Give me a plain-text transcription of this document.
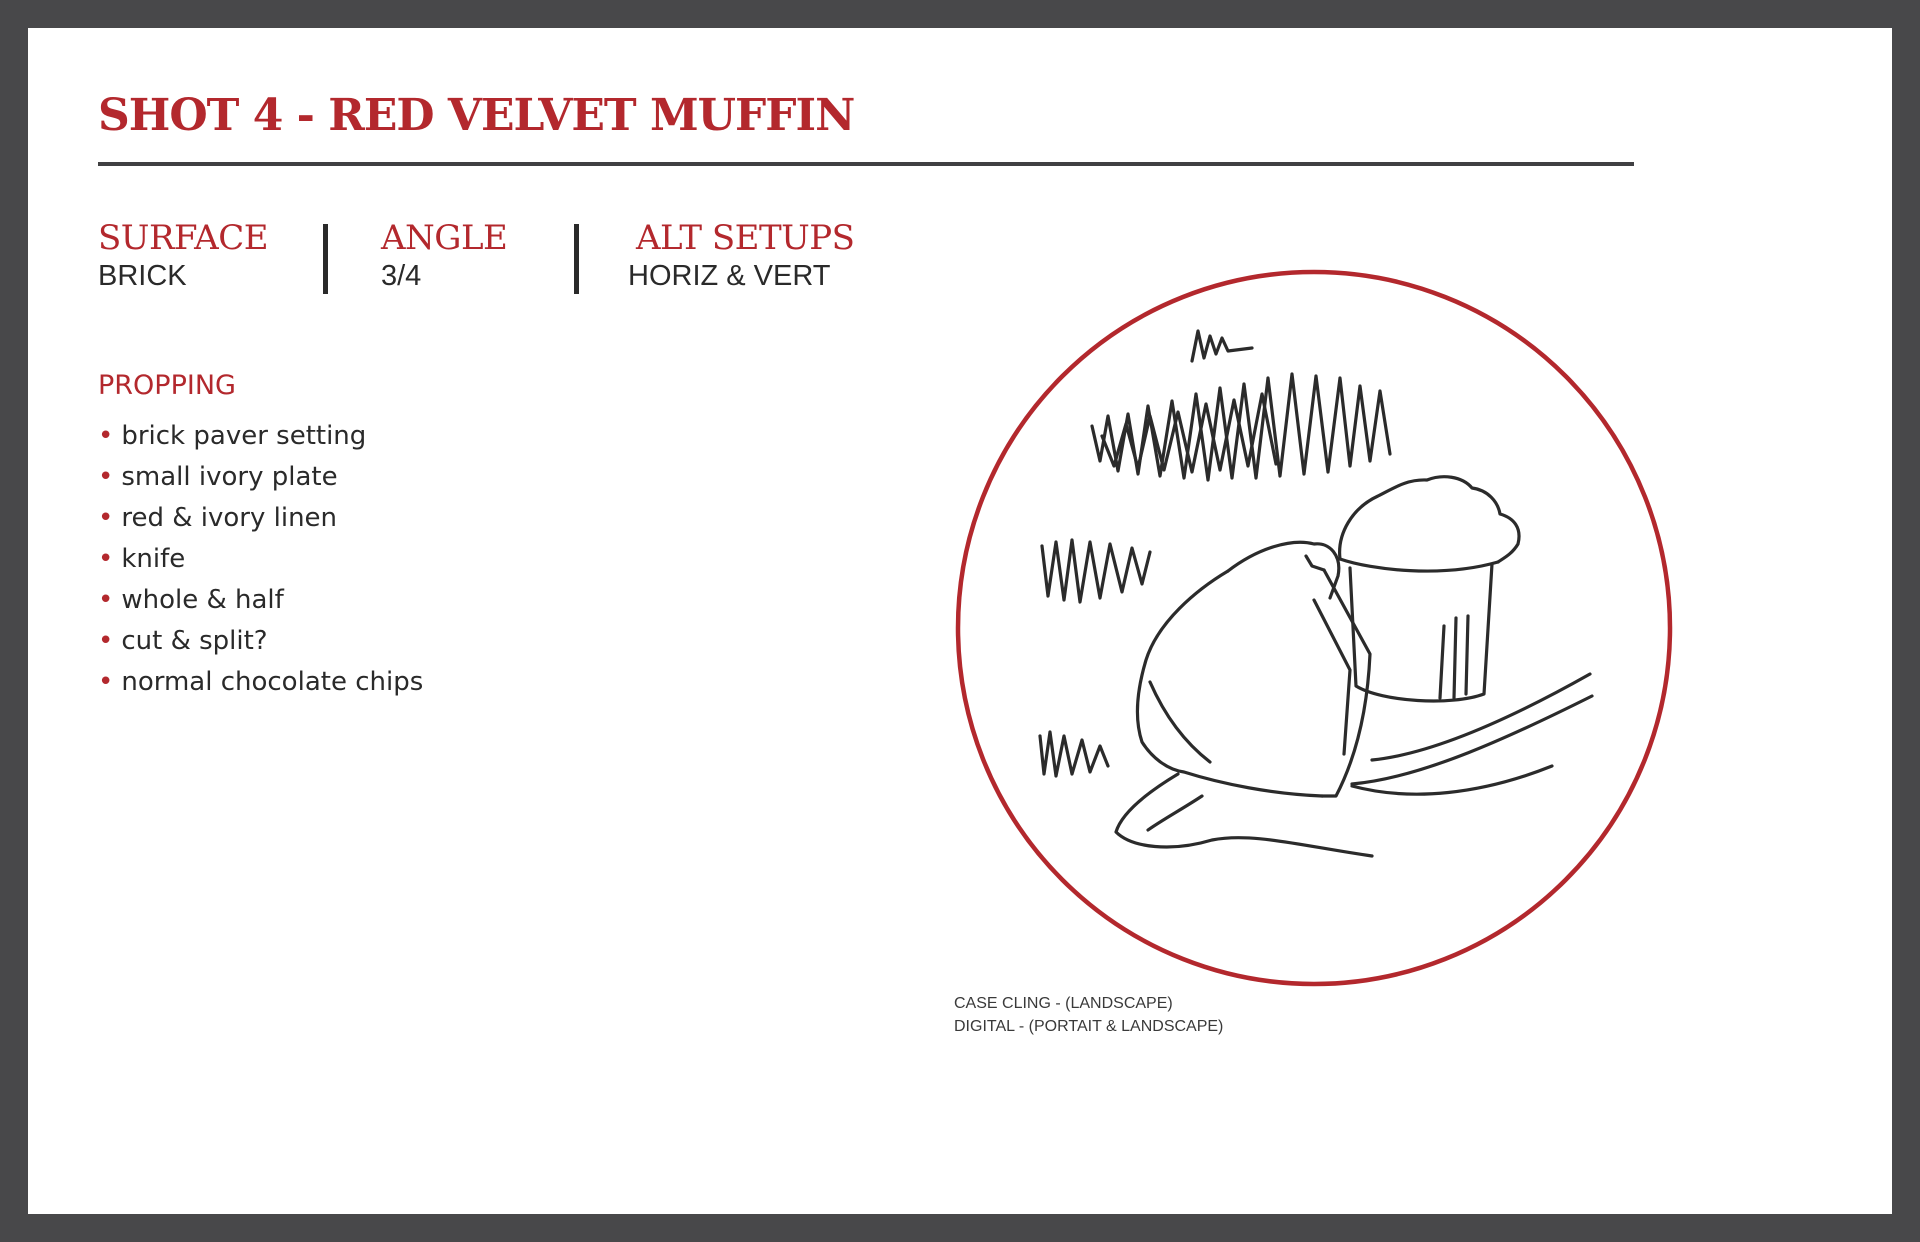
SHOT 4 - RED VELVET MUFFIN
SURFACE
BRICK
ANGLE
3/4
ALT SETUPS
HORIZ & VERT
PROPPING
• brick paver setting
• small ivory plate
• red & ivory linen
• knife
• whole & half
• cut & split?
• normal chocolate chips
CASE CLING - (LANDSCAPE)
DIGITAL - (PORTAIT & LANDSCAPE)
